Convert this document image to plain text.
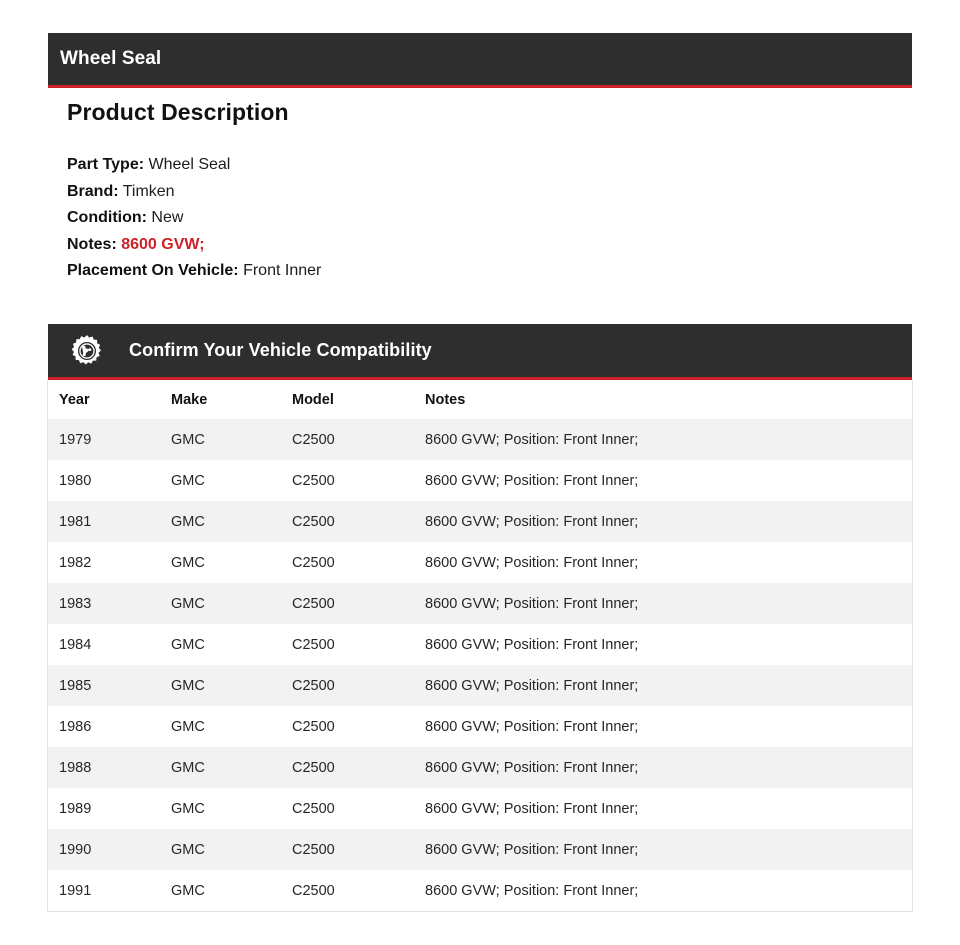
Wheel Seal
Product Description
Part Type: Wheel Seal
Brand: Timken
Condition: New
Notes: 8600 GVW;
Placement On Vehicle: Front Inner
Confirm Your Vehicle Compatibility
Year	Make	Model	Notes
1979	GMC	C2500	8600 GVW; Position: Front Inner;
1980	GMC	C2500	8600 GVW; Position: Front Inner;
1981	GMC	C2500	8600 GVW; Position: Front Inner;
1982	GMC	C2500	8600 GVW; Position: Front Inner;
1983	GMC	C2500	8600 GVW; Position: Front Inner;
1984	GMC	C2500	8600 GVW; Position: Front Inner;
1985	GMC	C2500	8600 GVW; Position: Front Inner;
1986	GMC	C2500	8600 GVW; Position: Front Inner;
1988	GMC	C2500	8600 GVW; Position: Front Inner;
1989	GMC	C2500	8600 GVW; Position: Front Inner;
1990	GMC	C2500	8600 GVW; Position: Front Inner;
1991	GMC	C2500	8600 GVW; Position: Front Inner;
